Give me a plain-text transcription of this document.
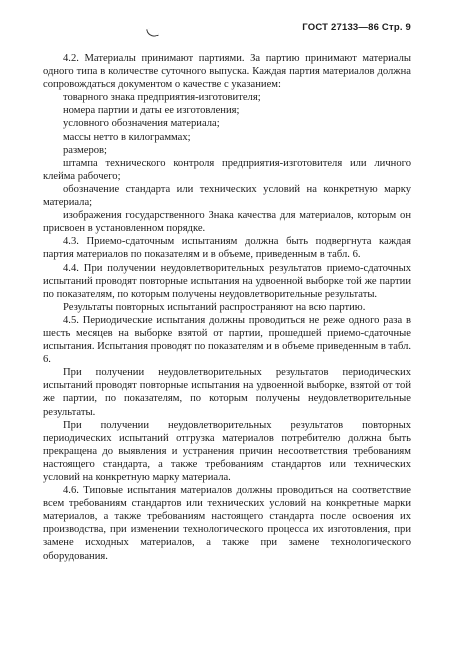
ГОСТ 27133—86 Стр. 9

4.2. Материалы принимают партиями. За партию принимают материалы одного типа в количестве суточного выпуска. Каждая партия материалов должна сопровождаться документом о качестве с указанием:

товарного знака предприятия-изготовителя;

номера партии и даты ее изготовления;

условного обозначения материала;

массы нетто в килограммах;

размеров;

штампа технического контроля предприятия-изготовителя или личного клейма рабочего;

обозначение стандарта или технических условий на конкретную марку материала;

изображения государственного Знака качества для материалов, которым он присвоен в установленном порядке.

4.3. Приемо-сдаточным испытаниям должна быть подвергнута каждая партия материалов по показателям и в объеме, приведенным в табл. 6.

4.4. При получении неудовлетворительных результатов приемо-сдаточных испытаний проводят повторные испытания на удвоенной выборке той же партии по показателям, по которым получены неудовлетворительные результаты.

Результаты повторных испытаний распространяют на всю партию.

4.5. Периодические испытания должны проводиться не реже одного раза в шесть месяцев на выборке взятой от партии, прошедшей приемо-сдаточные испытания. Испытания проводят по показателям и в объеме приведенным в табл. 6.

При получении неудовлетворительных результатов периодических испытаний проводят повторные испытания на удвоенной выборке, взятой от той же партии, по показателям, по которым получены неудовлетворительные результаты.

При получении неудовлетворительных результатов повторных периодических испытаний отгрузка материалов потребителю должна быть прекращена до выявления и устранения причин несоответствия требованиям настоящего стандарта, а также требованиям стандартов или технических условий на конкретную марку материала.

4.6. Типовые испытания материалов должны проводиться на соответствие всем требованиям стандартов или технических условий на конкретные марки материалов, а также требованиям настоящего стандарта после освоения их производства, при изменении технологического процесса их изготовления, при замене исходных материалов, а также при замене технологического оборудования.
